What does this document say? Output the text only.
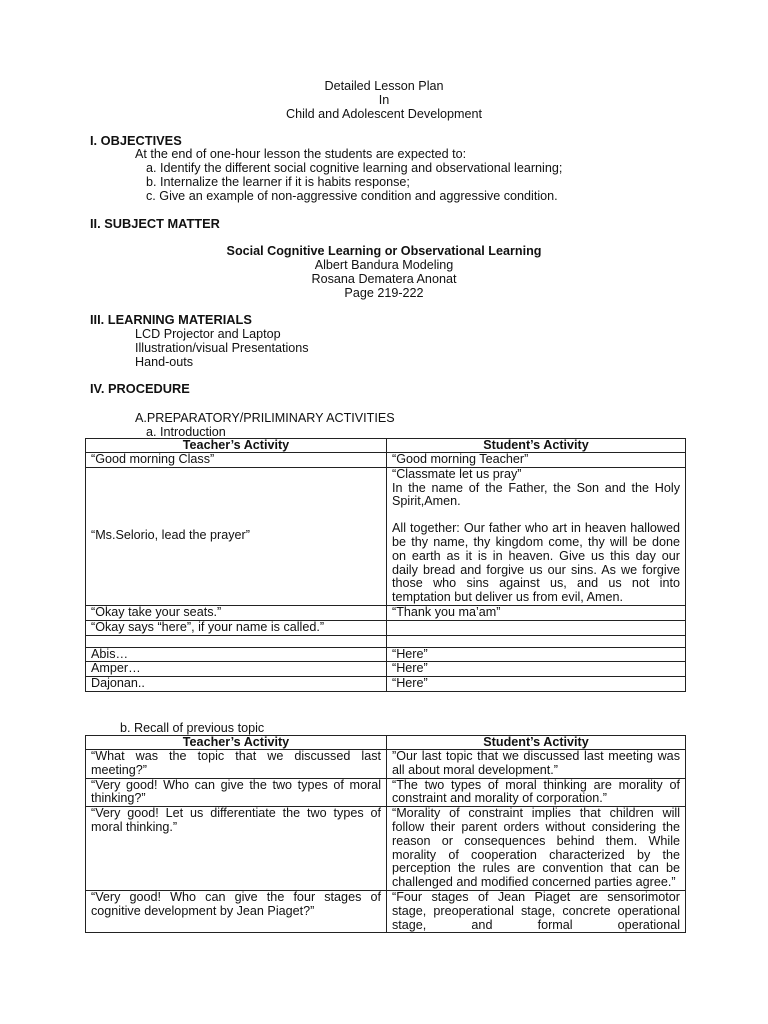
Detailed Lesson Plan
In
Child and Adolescent Development
I. OBJECTIVES
At the end of one-hour lesson the students are expected to:
a. Identify the different social cognitive learning and observational learning;
b. Internalize the learner if it is habits response;
c. Give an example of non-aggressive condition and aggressive condition.
II. SUBJECT MATTER
Social Cognitive Learning or Observational Learning
Albert Bandura Modeling
Rosana Dematera Anonat
Page 219-222
III. LEARNING MATERIALS
LCD Projector and Laptop
Illustration/visual Presentations
Hand-outs
IV. PROCEDURE
A.PREPARATORY/PRILIMINARY ACTIVITIES
a. Introduction
Teacher’s Activity	Student’s Activity
“Good morning Class”	“Good morning Teacher”
“Ms.Selorio, lead the prayer”	“Classmate let us pray”
In the name of the Father, the Son and the Holy Spirit,Amen.
All together: Our father who art in heaven hallowed be thy name, thy kingdom come, thy will be done on earth as it is in heaven. Give us this day our daily bread and forgive us our sins. As we forgive those who sins against us, and us not into temptation but deliver us from evil, Amen.

“Okay take your seats.”	“Thank you ma’am”
“Okay says “here”, if your name is called.”	

Abis…	“Here”
Amper…	“Here”
Dajonan..	“Here”
b. Recall of previous topic
Teacher’s Activity	Student’s Activity
“What was the topic that we discussed last meeting?”	”Our last topic that we discussed last meeting was all about moral development.”
“Very good! Who can give the two types of moral thinking?”	“The two types of moral thinking are morality of constraint and morality of corporation.”
“Very good! Let us differentiate the two types of moral thinking.”	“Morality of constraint implies that children will follow their parent orders without considering the reason or consequences behind them. While morality of cooperation characterized by the perception the rules are convention that can be challenged and modified concerned parties agree.”
“Very good! Who can give the four stages of cognitive development by Jean Piaget?”	“Four stages of Jean Piaget are sensorimotor stage, preoperational stage, concrete operational stage, and formal operational
